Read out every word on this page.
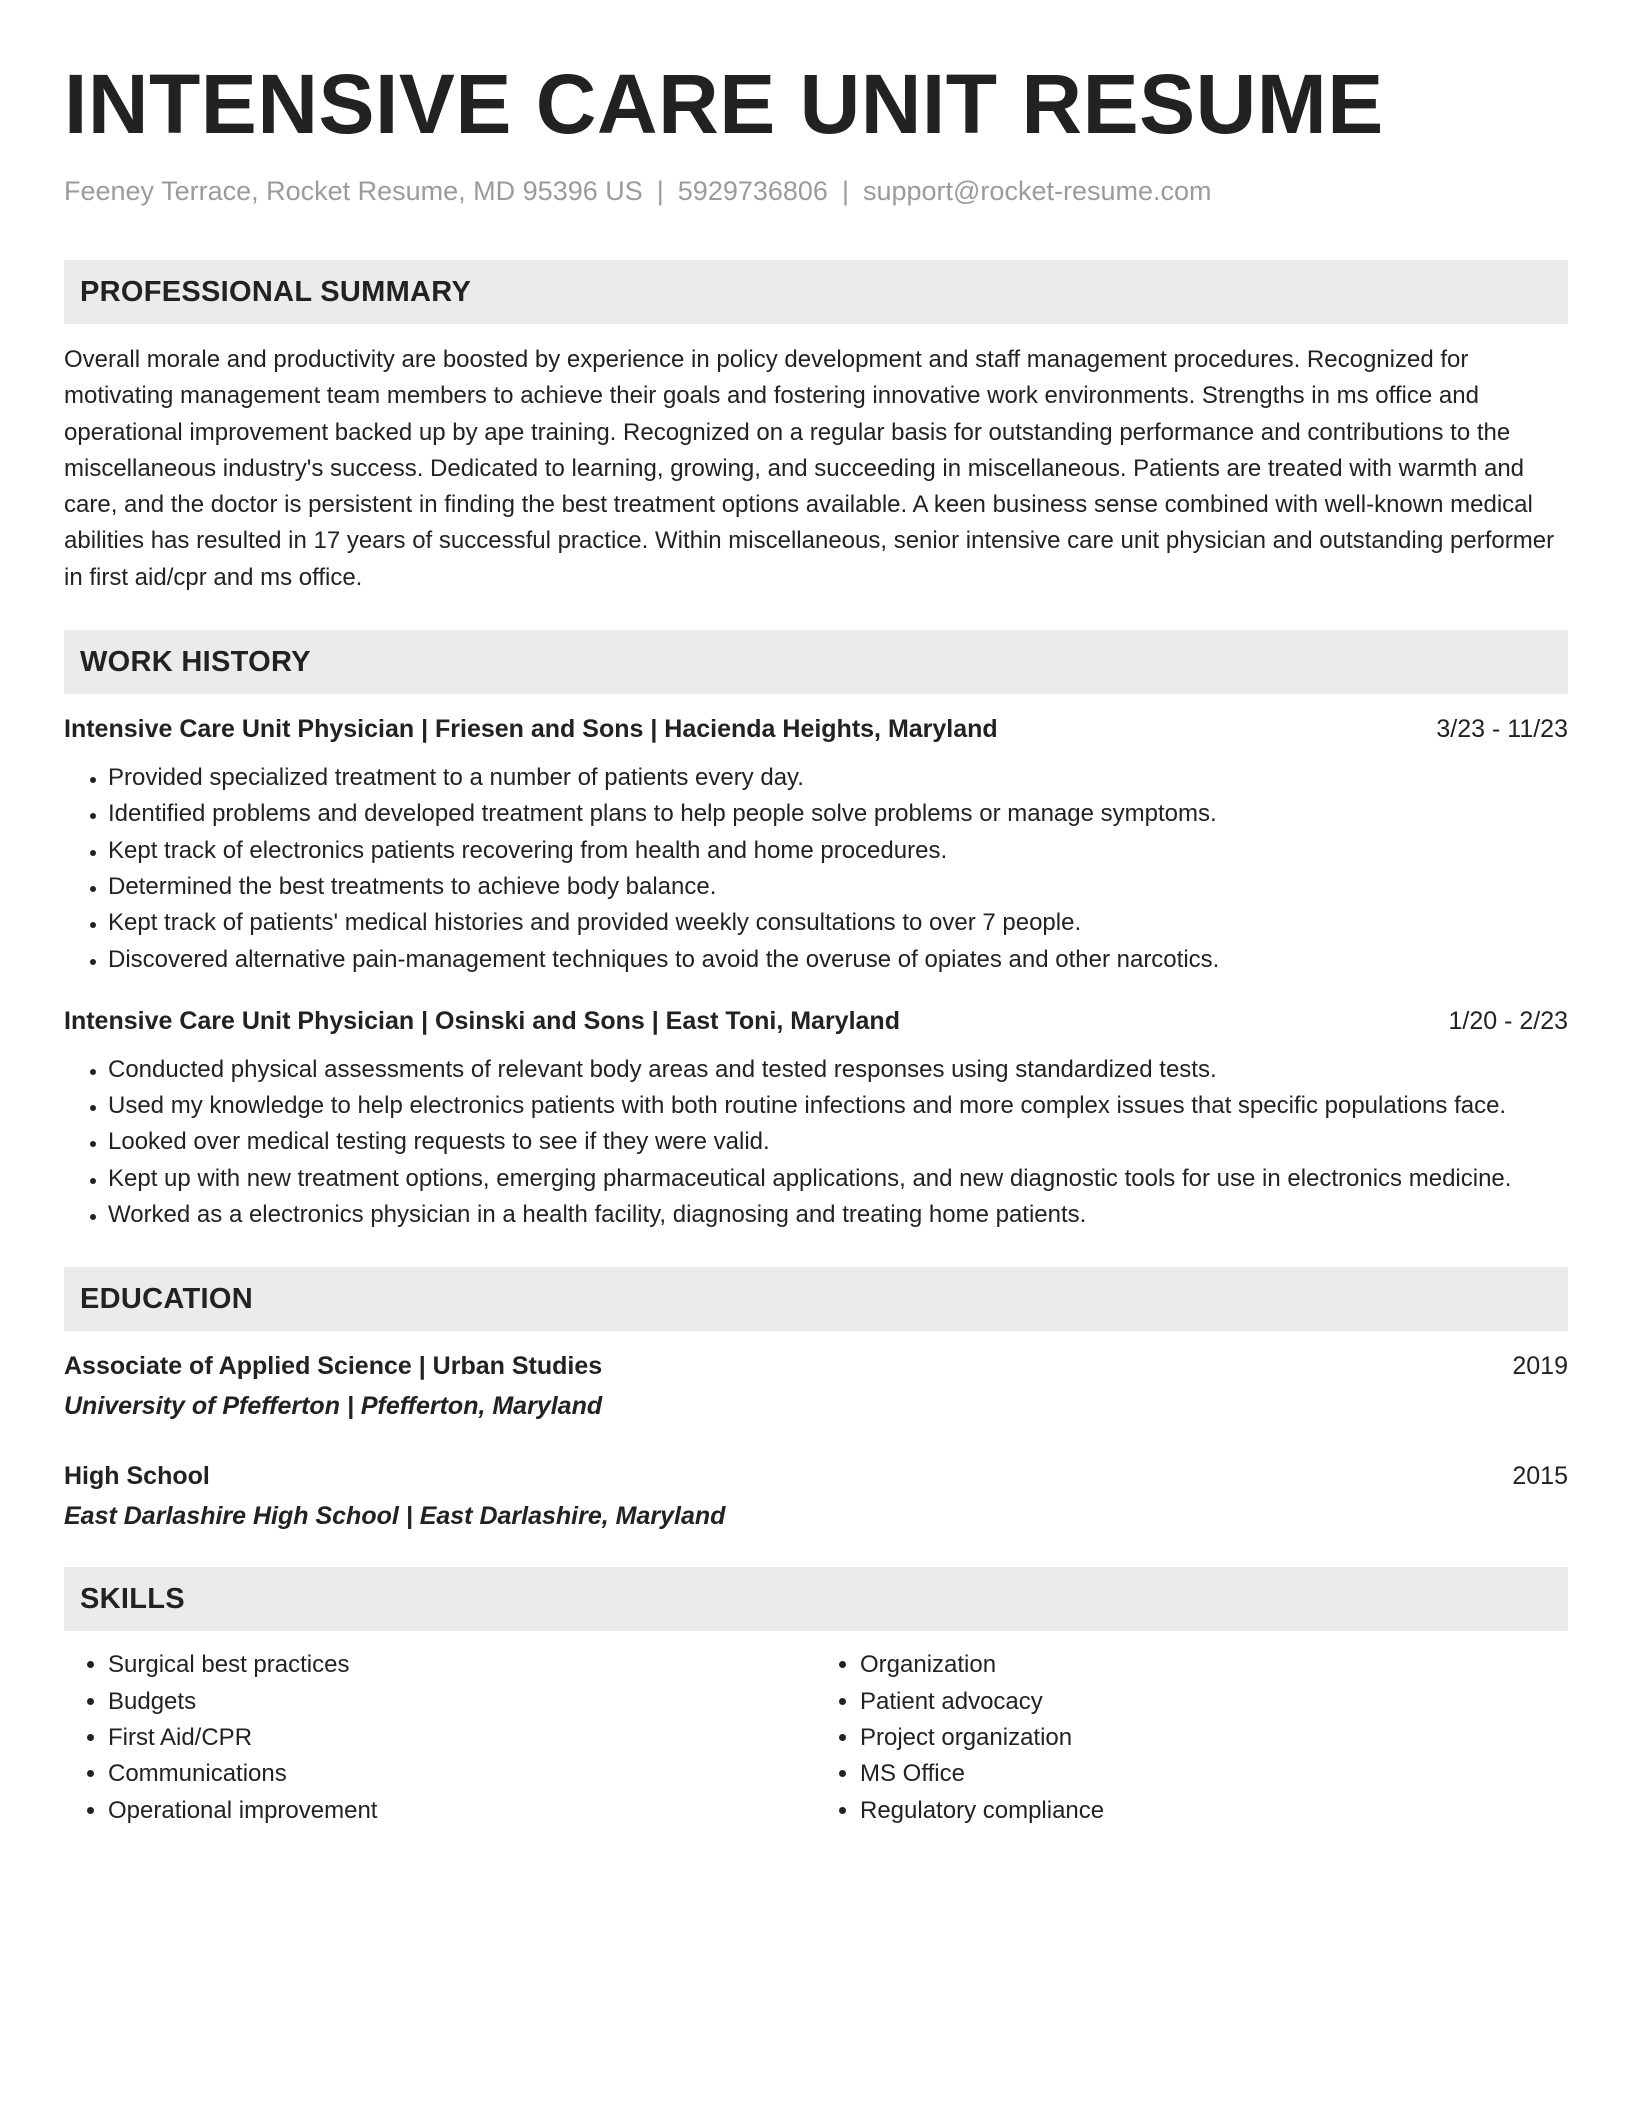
INTENSIVE CARE UNIT RESUME
Feeney Terrace, Rocket Resume, MD 95396 US | 5929736806 | support@rocket-resume.com
PROFESSIONAL SUMMARY
Overall morale and productivity are boosted by experience in policy development and staff management procedures. Recognized for motivating management team members to achieve their goals and fostering innovative work environments. Strengths in ms office and operational improvement backed up by ape training. Recognized on a regular basis for outstanding performance and contributions to the miscellaneous industry's success. Dedicated to learning, growing, and succeeding in miscellaneous. Patients are treated with warmth and care, and the doctor is persistent in finding the best treatment options available. A keen business sense combined with well-known medical abilities has resulted in 17 years of successful practice. Within miscellaneous, senior intensive care unit physician and outstanding performer in first aid/cpr and ms office.
WORK HISTORY
Intensive Care Unit Physician | Friesen and Sons | Hacienda Heights, Maryland	3/23 - 11/23
• Provided specialized treatment to a number of patients every day.
• Identified problems and developed treatment plans to help people solve problems or manage symptoms.
• Kept track of electronics patients recovering from health and home procedures.
• Determined the best treatments to achieve body balance.
• Kept track of patients' medical histories and provided weekly consultations to over 7 people.
• Discovered alternative pain-management techniques to avoid the overuse of opiates and other narcotics.
Intensive Care Unit Physician | Osinski and Sons | East Toni, Maryland	1/20 - 2/23
• Conducted physical assessments of relevant body areas and tested responses using standardized tests.
• Used my knowledge to help electronics patients with both routine infections and more complex issues that specific populations face.
• Looked over medical testing requests to see if they were valid.
• Kept up with new treatment options, emerging pharmaceutical applications, and new diagnostic tools for use in electronics medicine.
• Worked as a electronics physician in a health facility, diagnosing and treating home patients.
EDUCATION
Associate of Applied Science | Urban Studies	2019
University of Pfefferton | Pfefferton, Maryland
High School	2015
East Darlashire High School | East Darlashire, Maryland
SKILLS
• Surgical best practices
• Budgets
• First Aid/CPR
• Communications
• Operational improvement
• Organization
• Patient advocacy
• Project organization
• MS Office
• Regulatory compliance
